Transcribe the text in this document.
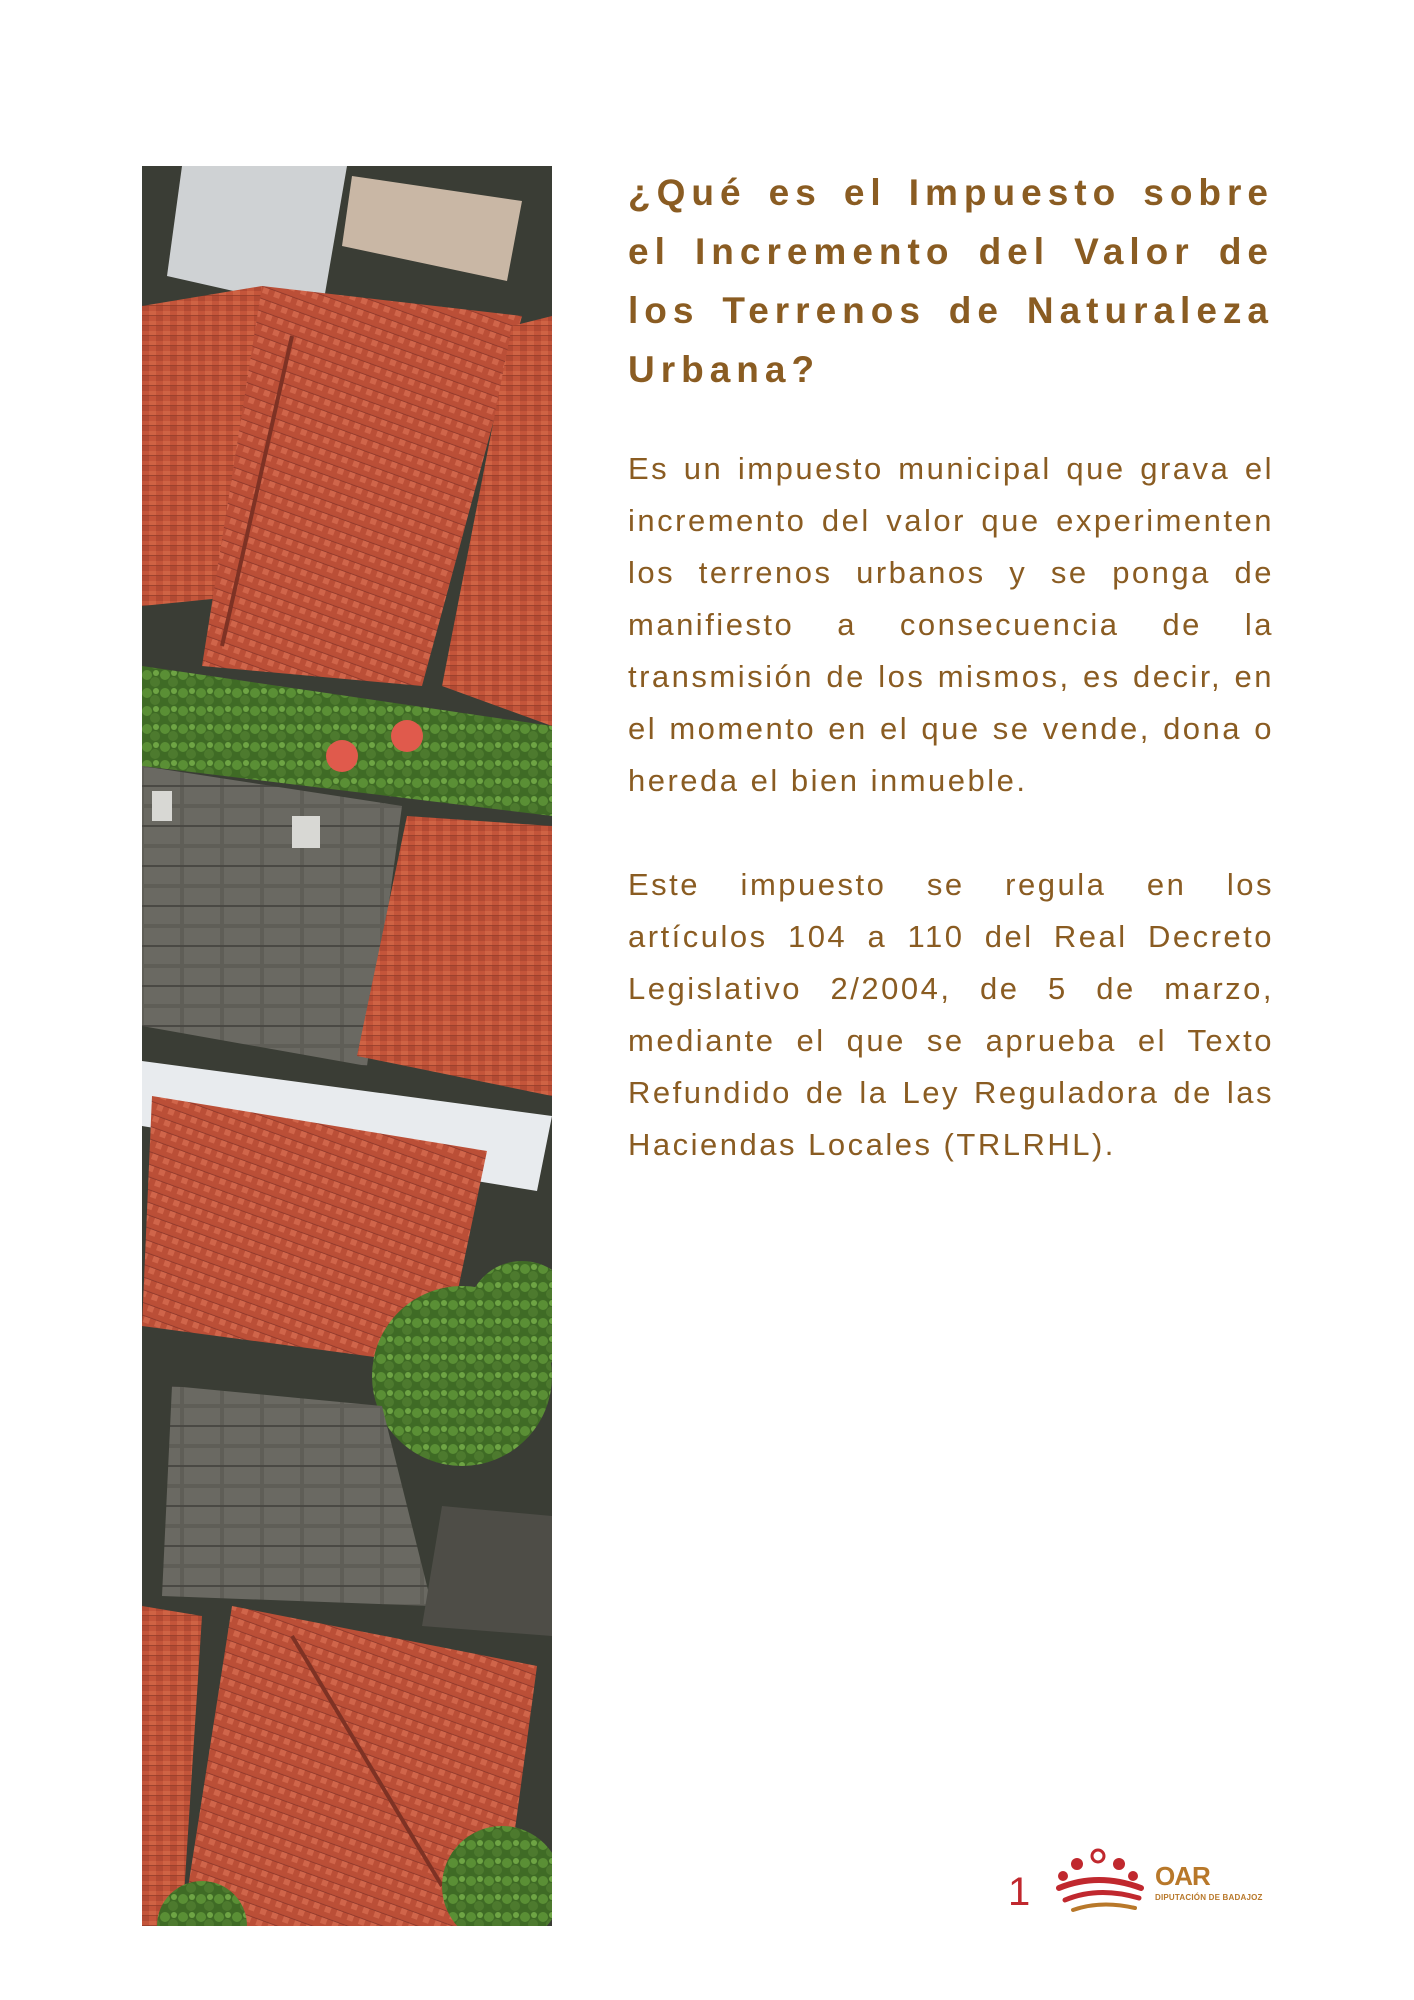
¿Qué es el Impuesto sobre el Incremento del Valor de los Terrenos de Naturaleza Urbana?

Es un impuesto municipal que grava el incremento del valor que experimenten los terrenos urbanos y se ponga de manifiesto a consecuencia de la transmisión de los mismos, es decir, en el momento en el que se vende, dona o hereda el bien inmueble.

Este impuesto se regula en los artículos 104 a 110 del Real Decreto Legislativo 2/2004, de 5 de marzo, mediante el que se aprueba el Texto Refundido de la Ley Reguladora de las Haciendas Locales (TRLRHL).

1	OAR
DIPUTACIÓN DE BADAJOZ
